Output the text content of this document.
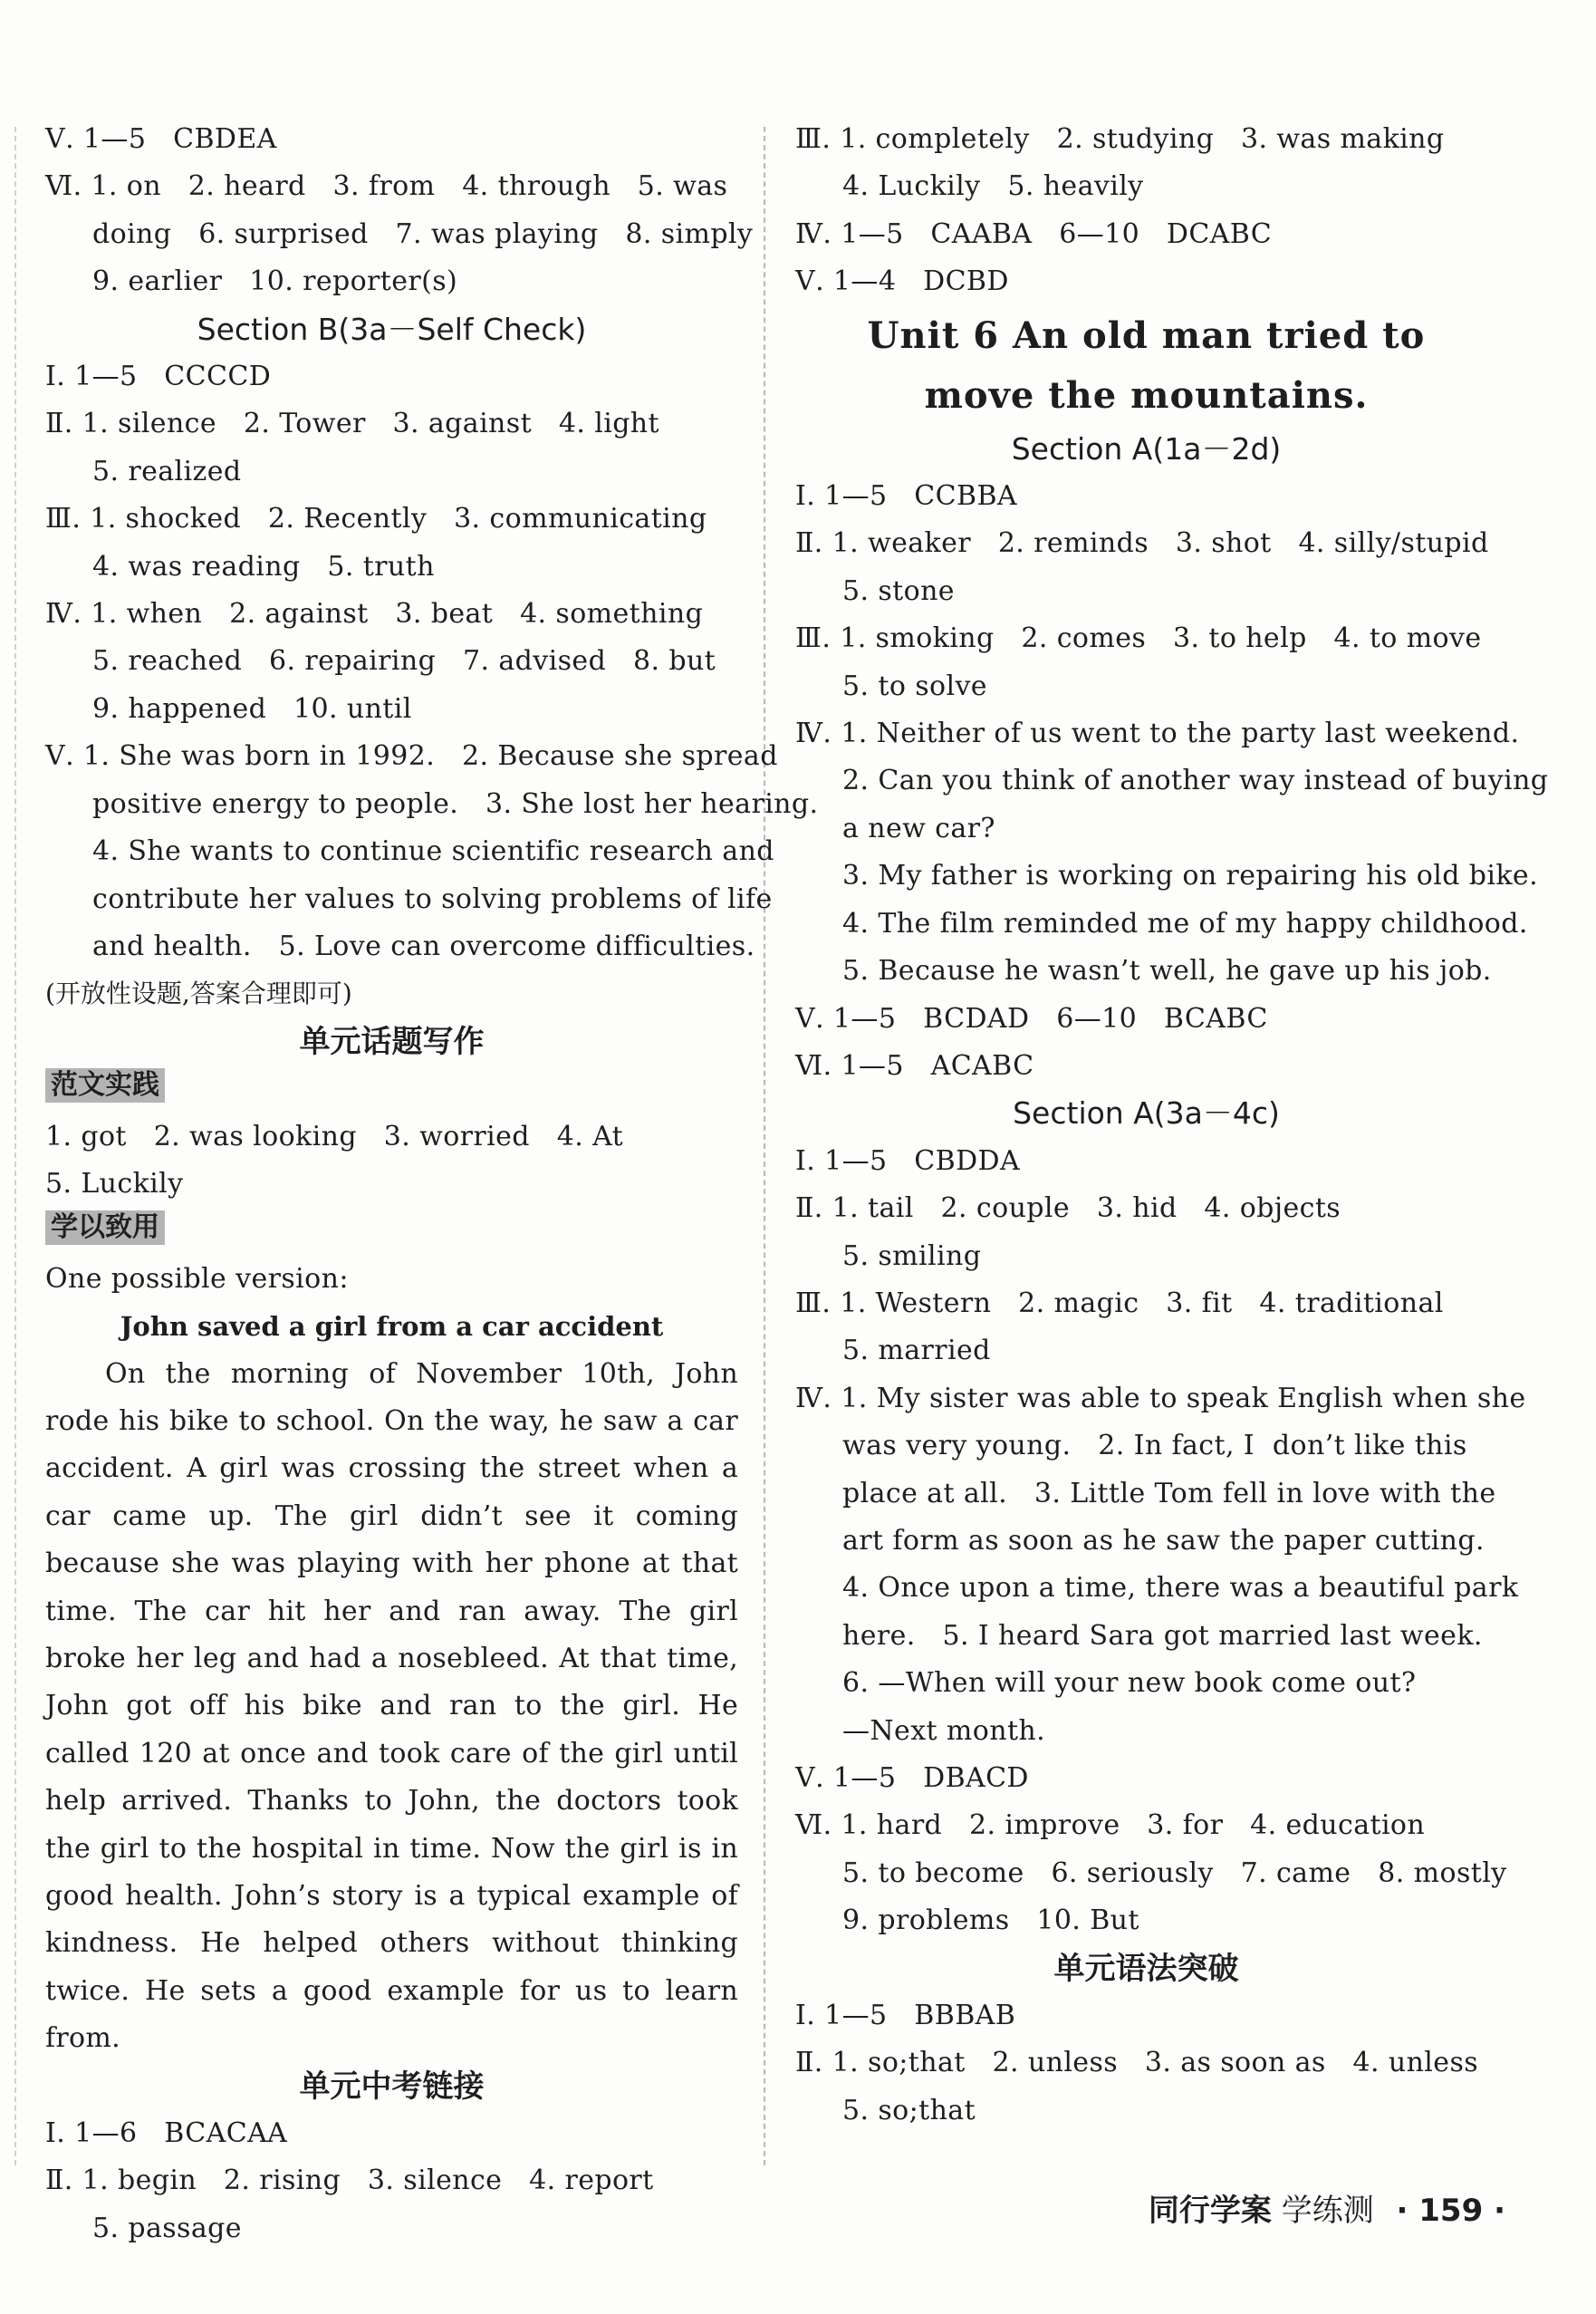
Ⅴ. 1—5   CBDEA
Ⅵ. 1. on   2. heard   3. from   4. through   5. was
doing   6. surprised   7. was playing   8. simply
9. earlier   10. reporter(s)
Section B(3a－Self Check)
Ⅰ. 1—5   CCCCD
Ⅱ. 1. silence   2. Tower   3. against   4. light
5. realized
Ⅲ. 1. shocked   2. Recently   3. communicating
4. was reading   5. truth
Ⅳ. 1. when   2. against   3. beat   4. something
5. reached   6. repairing   7. advised   8. but
9. happened   10. until
Ⅴ. 1. She was born in 1992.   2. Because she spread
positive energy to people.   3. She lost her hearing.
4. She wants to continue scientific research and
contribute her values to solving problems of life
and health.   5. Love can overcome difficulties.
(开放性设题,答案合理即可)
单元话题写作
范文实践
1. got   2. was looking   3. worried   4. At
5. Luckily
学以致用
One possible version:
John saved a girl from a car accident
On the morning of November 10th, John rode his bike to school. On the way, he saw a car accident. A girl was crossing the street when a car came up. The girl didn’t see it coming because she was playing with her phone at that time. The car hit her and ran away. The girl broke her leg and had a nosebleed. At that time, John got off his bike and ran to the girl. He called 120 at once and took care of the girl until help arrived. Thanks to John, the doctors took the girl to the hospital in time. Now the girl is in good health. John’s story is a typical example of kindness. He helped others without thinking twice. He sets a good example for us to learn from.
单元中考链接
Ⅰ. 1—6   BCACAA
Ⅱ. 1. begin   2. rising   3. silence   4. report
5. passage
Ⅲ. 1. completely   2. studying   3. was making
4. Luckily   5. heavily
Ⅳ. 1—5   CAABA   6—10   DCABC
Ⅴ. 1—4   DCBD
Unit 6 An old man tried to
move the mountains.
Section A(1a－2d)
Ⅰ. 1—5   CCBBA
Ⅱ. 1. weaker   2. reminds   3. shot   4. silly/stupid
5. stone
Ⅲ. 1. smoking   2. comes   3. to help   4. to move
5. to solve
Ⅳ. 1. Neither of us went to the party last weekend.
2. Can you think of another way instead of buying
a new car?
3. My father is working on repairing his old bike.
4. The film reminded me of my happy childhood.
5. Because he wasn’t well, he gave up his job.
Ⅴ. 1—5   BCDAD   6—10   BCABC
Ⅵ. 1—5   ACABC
Section A(3a－4c)
Ⅰ. 1—5   CBDDA
Ⅱ. 1. tail   2. couple   3. hid   4. objects
5. smiling
Ⅲ. 1. Western   2. magic   3. fit   4. traditional
5. married
Ⅳ. 1. My sister was able to speak English when she
was very young.   2. In fact, I  don’t like this
place at all.   3. Little Tom fell in love with the
art form as soon as he saw the paper cutting.
4. Once upon a time, there was a beautiful park
here.   5. I heard Sara got married last week.
6. —When will your new book come out?
—Next month.
Ⅴ. 1—5   DBACD
Ⅵ. 1. hard   2. improve   3. for   4. education
5. to become   6. seriously   7. came   8. mostly
9. problems   10. But
单元语法突破
Ⅰ. 1—5   BBBAB
Ⅱ. 1. so;that   2. unless   3. as soon as   4. unless
5. so;that
同行学案 学练测 · 159 ·
